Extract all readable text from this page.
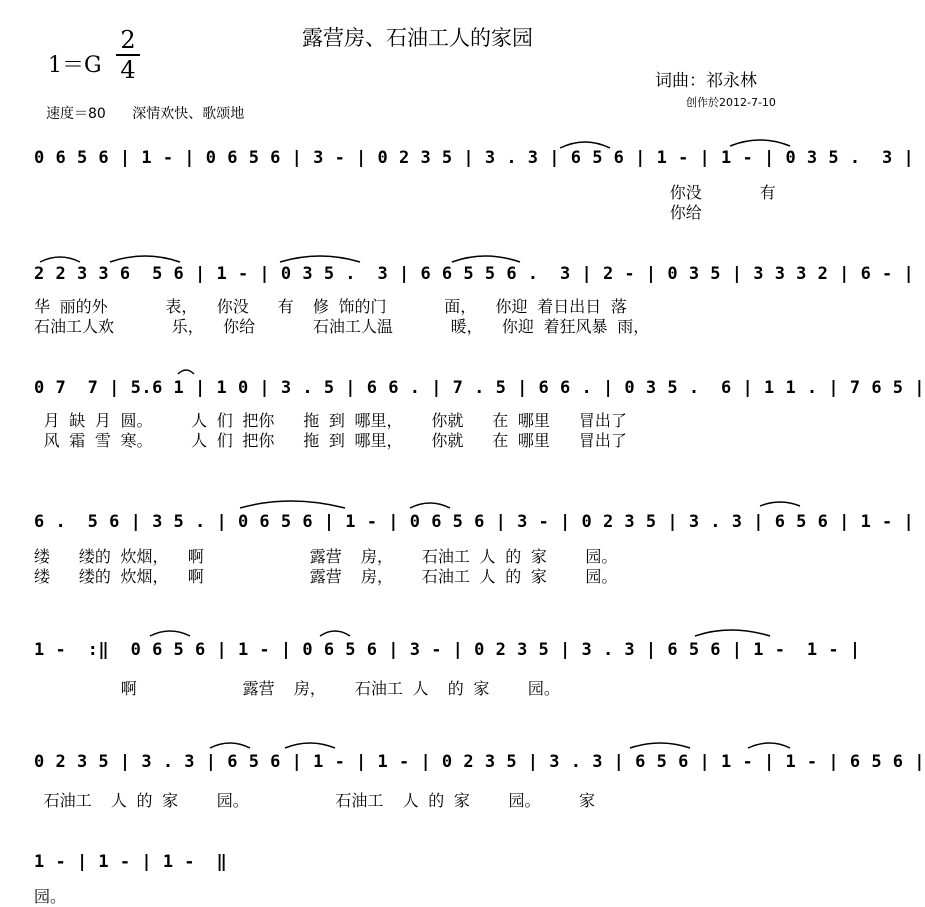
露营房、石油工人的家园
1＝G
2
4	词曲：祁永林
创作於2012-7-10
速度＝80 深情欢快、歌颂地
0 6 5 6 | 1 - | 0 6 5 6 | 3 - | 0 2 3 5 | 3 . 3 | 6 5 6 | 1 - | 1 - | 0 3 5 .  3 |
你没      有
你给
2 2 3 3 6  5 6 | 1 - | 0 3 5 .  3 | 6 6 5 5 6 .  3 | 2 - | 0 3 5 | 3 3 3 2 | 6 - |
华 丽的外      表，  你没   有  修 饰的门      面，  你迎 着日出日 落
石油工人欢      乐，  你给      石油工人温      暖，  你迎 着狂风暴 雨，
0 7  7 | 5.6 1 | 1 0 | 3 . 5 | 6 6 . | 7 . 5 | 6 6 . | 0 3 5 .  6 | 1 1 . | 7 6 5 |
月 缺 月 圆。    人 们 把你   拖 到 哪里，   你就   在 哪里   冒出了
风 霜 雪 寒。    人 们 把你   拖 到 哪里，   你就   在 哪里   冒出了
6 .  5 6 | 3 5 . | 0 6 5 6 | 1 - | 0 6 5 6 | 3 - | 0 2 3 5 | 3 . 3 | 6 5 6 | 1 - |
缕   缕的 炊烟，  啊           露营  房，   石油工 人 的 家    园。
缕   缕的 炊烟，  啊           露营  房，   石油工 人 的 家    园。
1 -  :‖  0 6 5 6 | 1 - | 0 6 5 6 | 3 - | 0 2 3 5 | 3 . 3 | 6 5 6 | 1 -  1 - |
啊           露营  房，   石油工 人  的 家    园。
0 2 3 5 | 3 . 3 | 6 5 6 | 1 - | 1 - | 0 2 3 5 | 3 . 3 | 6 5 6 | 1 - | 1 - | 6 5 6 |
石油工  人 的 家    园。         石油工  人 的 家    园。    家
1 - | 1 - | 1 -  ‖
园。
